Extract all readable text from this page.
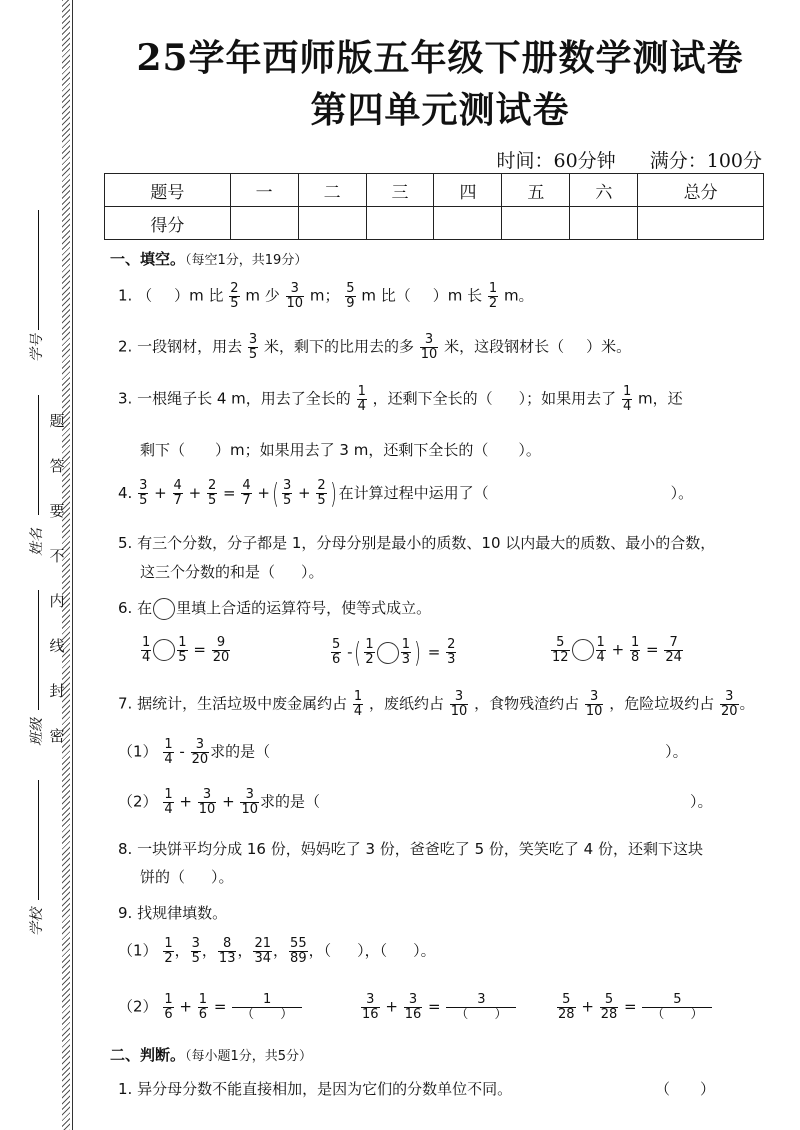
学号
姓名
班级
学校
题
答
要
不
内
线
封
密
25学年西师版五年级下册数学测试卷
第四单元测试卷
时间：60分钟 满分：100分
题号	一	二	三	四	五	六	总分
得分							
一、填空。（每空1分，共19分）
1. （ ）m 比 $\frac{2}{5}$ m 少 $\frac{3}{10}$ m； $\frac{5}{9}$ m 比（ ）m 长 $\frac{1}{2}$ m。
2. 一段钢材，用去 $\frac{3}{5}$ 米，剩下的比用去的多 $\frac{3}{10}$ 米，这段钢材长（ ）米。
3. 一根绳子长 4 m，用去了全长的 $\frac{1}{4}$ ，还剩下全长的（ ）；如果用去了 $\frac{1}{4}$ m，还
剩下（ ）m；如果用去了 3 m，还剩下全长的（ ）。
4. $\frac{3}{5} + \frac{4}{7} + \frac{2}{5} = \frac{4}{7}$ +( $\frac{3}{5} + \frac{2}{5}$ ) 在计算过程中运用了（	）。
5. 有三个分数，分子都是 1，分母分别是最小的质数、10 以内最大的质数、最小的合数，
这三个分数的和是（ ）。
6. 在 里填上合适的运算符号，使等式成立。
$\frac{1}{4} \frac{1}{5} = \frac{9}{20}$	$\frac{5}{6}$ -( $\frac{1}{2} \frac{1}{3}$ ) = $\frac{2}{3}$	$\frac{5}{12} \frac{1}{4} + \frac{1}{8} = \frac{7}{24}$
7. 据统计，生活垃圾中废金属约占 $\frac{1}{4}$ ，废纸约占 $\frac{3}{10}$ ，食物残渣约占 $\frac{3}{10}$ ，危险垃圾约占 $\frac{3}{20}$ 。
$(1) \frac{1}{4} - \frac{3}{20}$ 求的是（	）。
$(2) \frac{1}{4} + \frac{3}{10} + \frac{3}{10}$ 求的是（	）。
8. 一块饼平均分成 16 份，妈妈吃了 3 份，爸爸吃了 5 份，笑笑吃了 4 份，还剩下这块
饼的（ ）。
9. 找规律填数。
$(1) \frac{1}{2}$ ， $\frac{3}{5}$ ， $\frac{8}{13}$ ， $\frac{21}{34}$ ， $\frac{55}{89}$ ，（ ），（ ）。
$(2) \frac{1}{6} + \frac{1}{6}$ =	1
（　　）	$\frac{3}{16} + \frac{3}{16}$ =	3
（　　）	$\frac{5}{28} + \frac{5}{28}$ =	5
（　　）
二、判断。（每小题1分，共5分）
1. 异分母分数不能直接相加，是因为它们的分数单位不同。	（　　）
